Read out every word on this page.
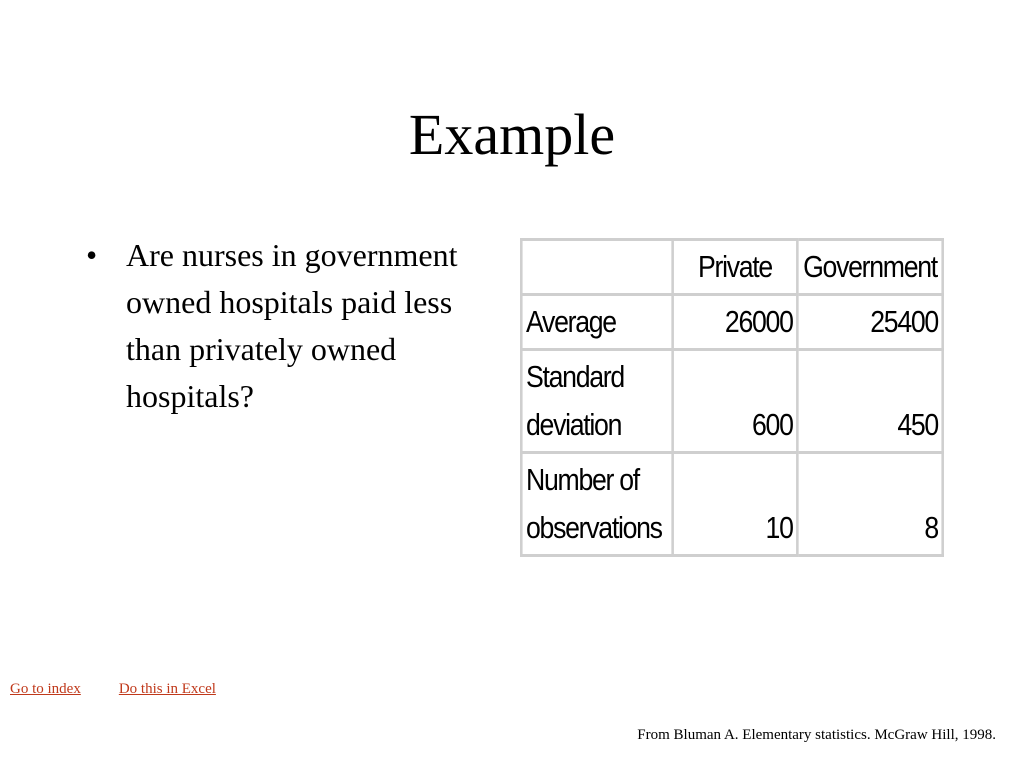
Example
• Are nurses in government owned hospitals paid less than privately owned hospitals?
	Private	Government
Average	26000	25400
Standard
deviation	600	450
Number of
observations	10	8
Go to index	Do this in Excel
From Bluman A. Elementary statistics. McGraw Hill, 1998.
